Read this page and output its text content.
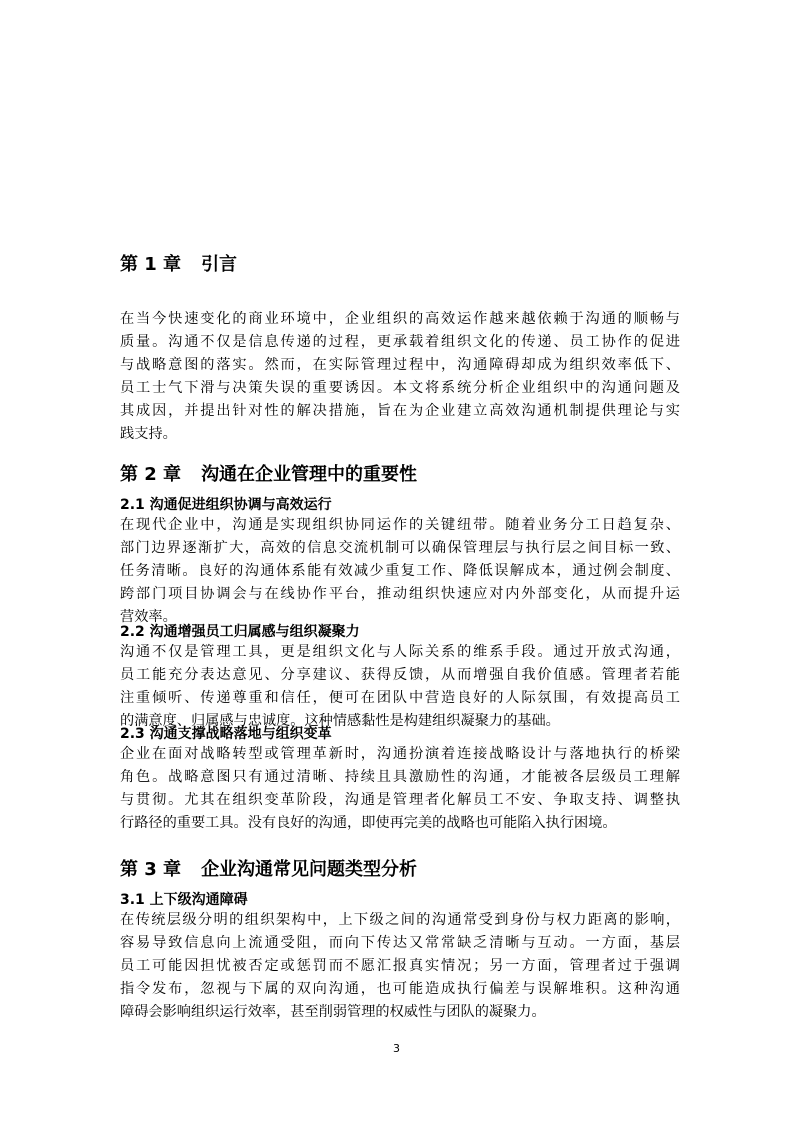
第 1 章 引言
在当今快速变化的商业环境中，企业组织的高效运作越来越依赖于沟通的顺畅与
质量。沟通不仅是信息传递的过程，更承载着组织文化的传递、员工协作的促进
与战略意图的落实。然而，在实际管理过程中，沟通障碍却成为组织效率低下、
员工士气下滑与决策失误的重要诱因。本文将系统分析企业组织中的沟通问题及
其成因，并提出针对性的解决措施，旨在为企业建立高效沟通机制提供理论与实
践支持。
第 2 章 沟通在企业管理中的重要性
2.1 沟通促进组织协调与高效运行
在现代企业中，沟通是实现组织协同运作的关键纽带。随着业务分工日趋复杂、
部门边界逐渐扩大，高效的信息交流机制可以确保管理层与执行层之间目标一致、
任务清晰。良好的沟通体系能有效减少重复工作、降低误解成本，通过例会制度、
跨部门项目协调会与在线协作平台，推动组织快速应对内外部变化，从而提升运
营效率。
2.2 沟通增强员工归属感与组织凝聚力
沟通不仅是管理工具，更是组织文化与人际关系的维系手段。通过开放式沟通，
员工能充分表达意见、分享建议、获得反馈，从而增强自我价值感。管理者若能
注重倾听、传递尊重和信任，便可在团队中营造良好的人际氛围，有效提高员工
的满意度、归属感与忠诚度。这种情感黏性是构建组织凝聚力的基础。
2.3 沟通支撑战略落地与组织变革
企业在面对战略转型或管理革新时，沟通扮演着连接战略设计与落地执行的桥梁
角色。战略意图只有通过清晰、持续且具激励性的沟通，才能被各层级员工理解
与贯彻。尤其在组织变革阶段，沟通是管理者化解员工不安、争取支持、调整执
行路径的重要工具。没有良好的沟通，即使再完美的战略也可能陷入执行困境。
第 3 章 企业沟通常见问题类型分析
3.1 上下级沟通障碍
在传统层级分明的组织架构中，上下级之间的沟通常受到身份与权力距离的影响，
容易导致信息向上流通受阻，而向下传达又常常缺乏清晰与互动。一方面，基层
员工可能因担忧被否定或惩罚而不愿汇报真实情况；另一方面，管理者过于强调
指令发布，忽视与下属的双向沟通，也可能造成执行偏差与误解堆积。这种沟通
障碍会影响组织运行效率，甚至削弱管理的权威性与团队的凝聚力。
3
